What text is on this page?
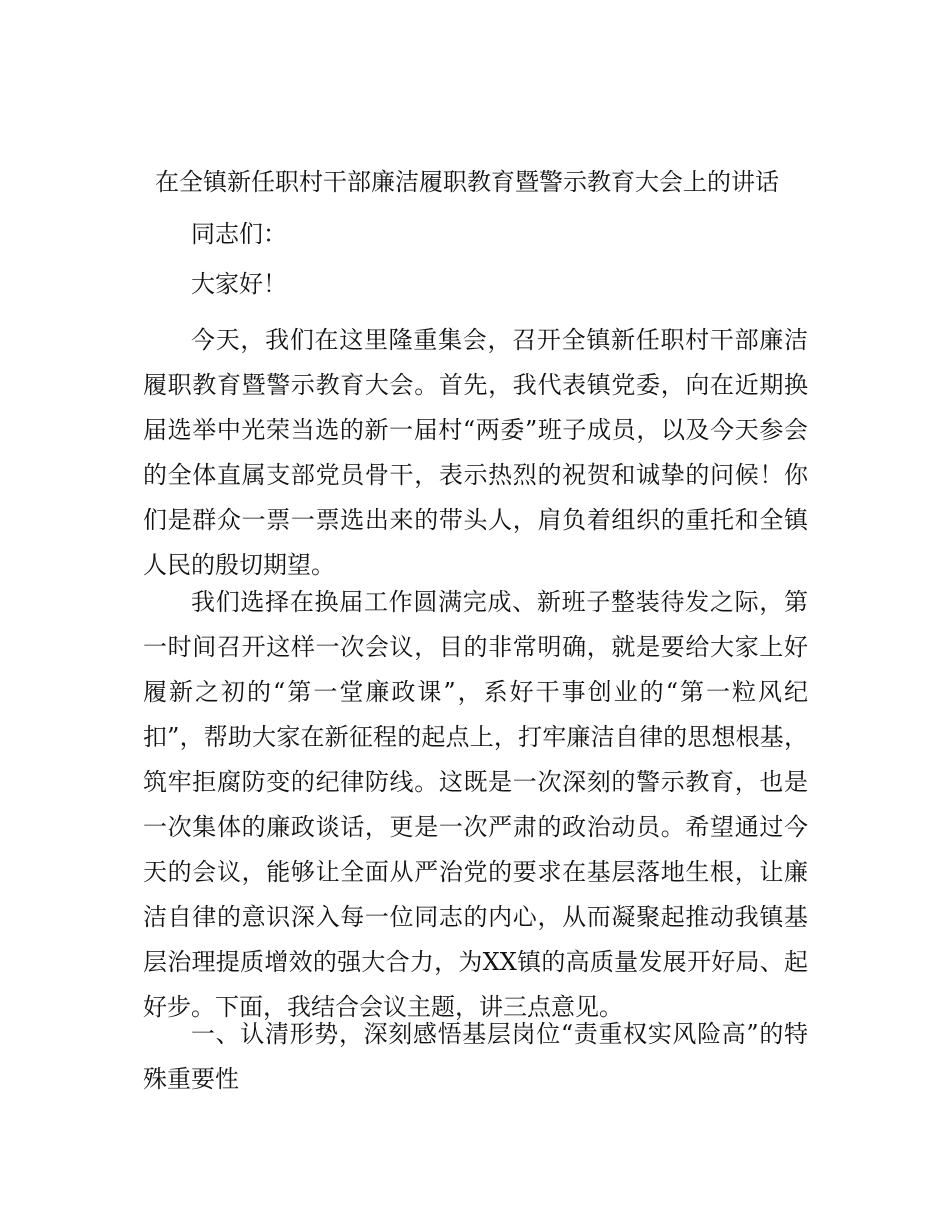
在全镇新任职村干部廉洁履职教育暨警示教育大会上的讲话

同志们：

大家好！

今天，我们在这里隆重集会，召开全镇新任职村干部廉洁履职教育暨警示教育大会。首先，我代表镇党委，向在近期换届选举中光荣当选的新一届村“两委”班子成员，以及今天参会的全体直属支部党员骨干，表示热烈的祝贺和诚挚的问候！你们是群众一票一票选出来的带头人，肩负着组织的重托和全镇人民的殷切期望。

我们选择在换届工作圆满完成、新班子整装待发之际，第一时间召开这样一次会议，目的非常明确，就是要给大家上好履新之初的“第一堂廉政课”，系好干事创业的“第一粒风纪扣”，帮助大家在新征程的起点上，打牢廉洁自律的思想根基，筑牢拒腐防变的纪律防线。这既是一次深刻的警示教育，也是一次集体的廉政谈话，更是一次严肃的政治动员。希望通过今天的会议，能够让全面从严治党的要求在基层落地生根，让廉洁自律的意识深入每一位同志的内心，从而凝聚起推动我镇基层治理提质增效的强大合力，为XX镇的高质量发展开好局、起好步。下面，我结合会议主题，讲三点意见。

一、认清形势，深刻感悟基层岗位“责重权实风险高”的特殊重要性
